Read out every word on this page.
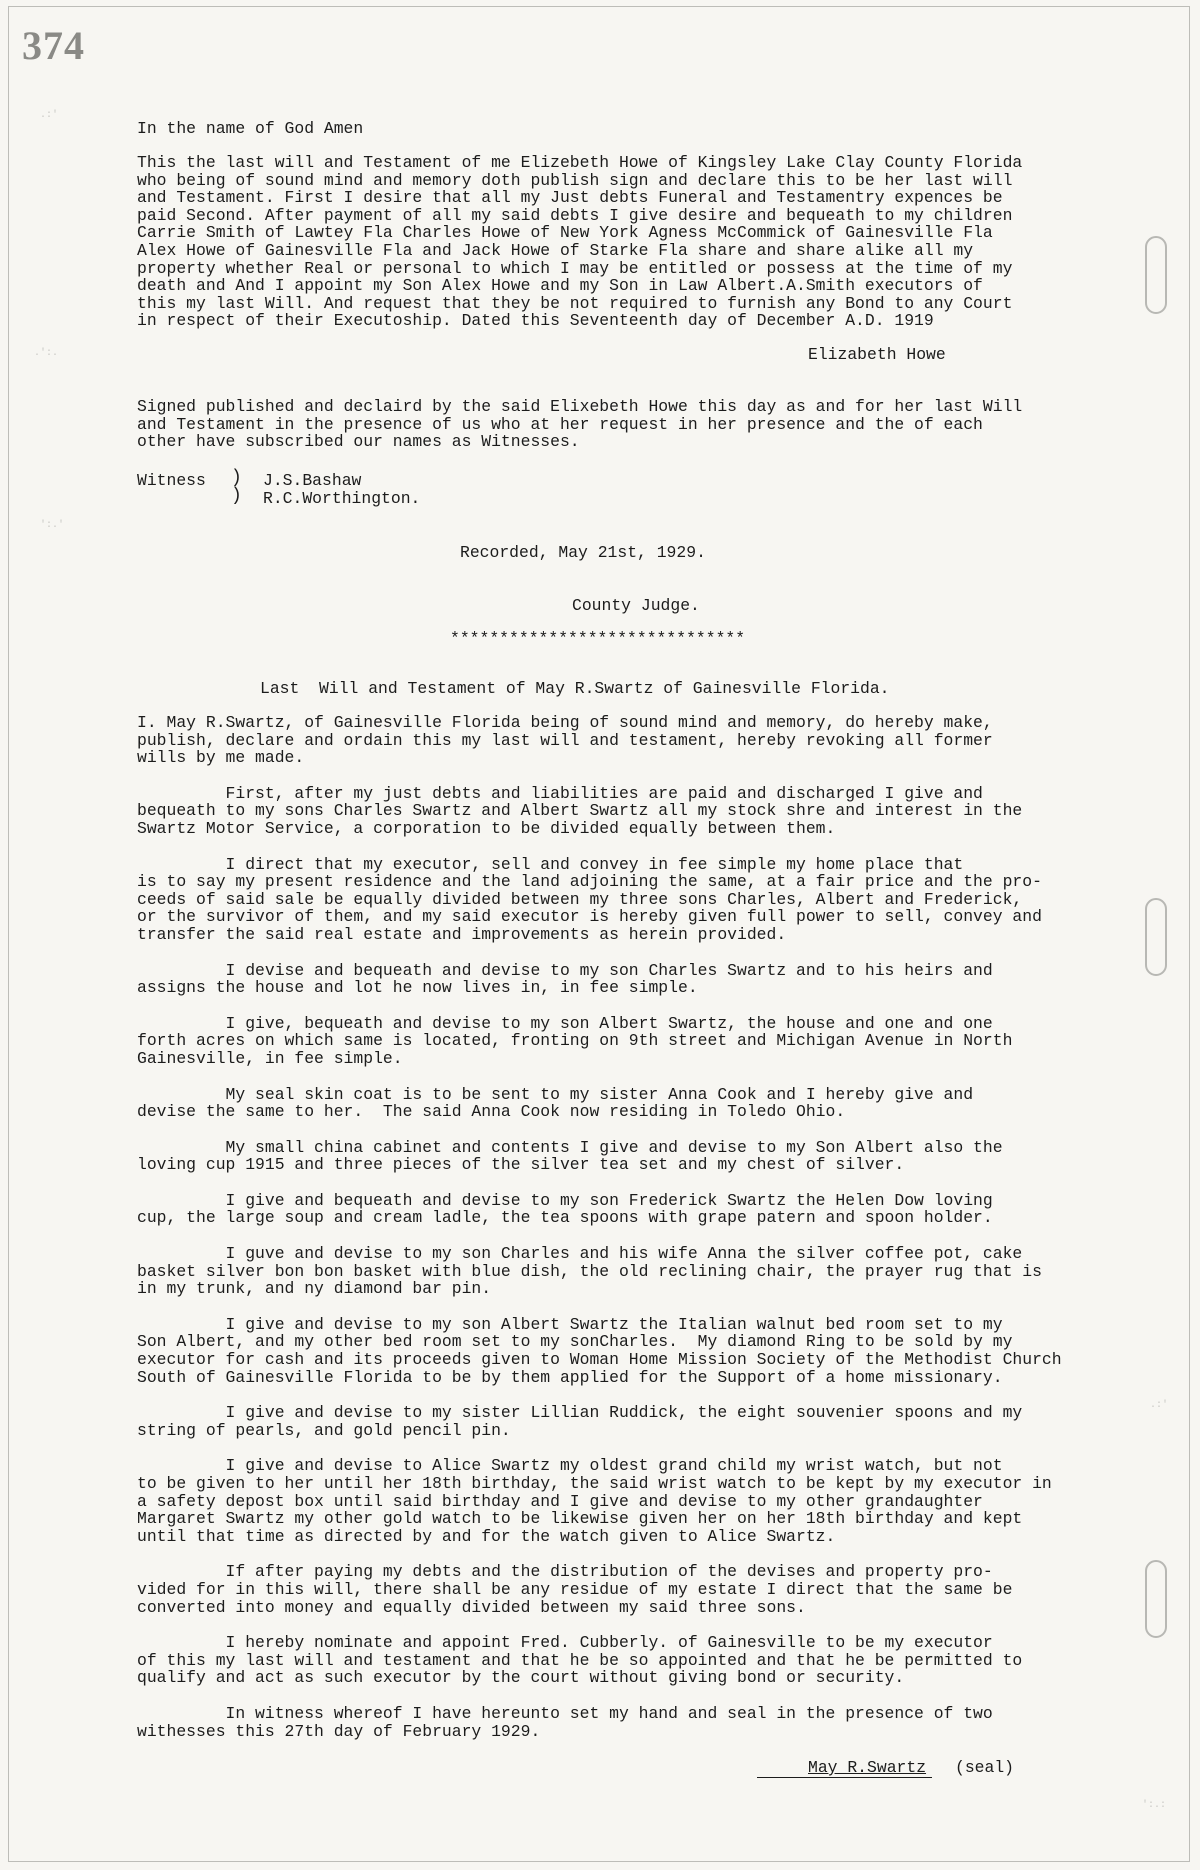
374
In the name of God Amen
This the last will and Testament of me Elizebeth Howe of Kingsley Lake Clay County Florida
who being of sound mind and memory doth publish sign and declare this to be her last will
and Testament. First I desire that all my Just debts Funeral and Testamentry expences be
paid Second. After payment of all my said debts I give desire and bequeath to my children
Carrie Smith of Lawtey Fla Charles Howe of New York Agness McCommick of Gainesville Fla
Alex Howe of Gainesville Fla and Jack Howe of Starke Fla share and share alike all my
property whether Real or personal to which I may be entitled or possess at the time of my
death and And I appoint my Son Alex Howe and my Son in Law Albert.A.Smith executors of
this my last Will. And request that they be not required to furnish any Bond to any Court
in respect of their Executoship. Dated this Seventeenth day of December A.D. 1919
Elizabeth Howe
Signed published and declaird by the said Elixebeth Howe this day as and for her last Will
and Testament in the presence of us who at her request in her presence and the of each
other have subscribed our names as Witnesses.
Witness )
)
J.S.Bashaw
R.C.Worthington.
Recorded, May 21st, 1929.
County Judge.
******************************
Last  Will and Testament of May R.Swartz of Gainesville Florida.
I. May R.Swartz, of Gainesville Florida being of sound mind and memory, do hereby make,
publish, declare and ordain this my last will and testament, hereby revoking all former
wills by me made.
First, after my just debts and liabilities are paid and discharged I give and
bequeath to my sons Charles Swartz and Albert Swartz all my stock shre and interest in the
Swartz Motor Service, a corporation to be divided equally between them.
I direct that my executor, sell and convey in fee simple my home place that
is to say my present residence and the land adjoining the same, at a fair price and the pro-
ceeds of said sale be equally divided between my three sons Charles, Albert and Frederick,
or the survivor of them, and my said executor is hereby given full power to sell, convey and
transfer the said real estate and improvements as herein provided.
I devise and bequeath and devise to my son Charles Swartz and to his heirs and
assigns the house and lot he now lives in, in fee simple.
I give, bequeath and devise to my son Albert Swartz, the house and one and one
forth acres on which same is located, fronting on 9th street and Michigan Avenue in North
Gainesville, in fee simple.
My seal skin coat is to be sent to my sister Anna Cook and I hereby give and
devise the same to her.  The said Anna Cook now residing in Toledo Ohio.
My small china cabinet and contents I give and devise to my Son Albert also the
loving cup 1915 and three pieces of the silver tea set and my chest of silver.
I give and bequeath and devise to my son Frederick Swartz the Helen Dow loving
cup, the large soup and cream ladle, the tea spoons with grape patern and spoon holder.
I guve and devise to my son Charles and his wife Anna the silver coffee pot, cake
basket silver bon bon basket with blue dish, the old reclining chair, the prayer rug that is
in my trunk, and ny diamond bar pin.
I give and devise to my son Albert Swartz the Italian walnut bed room set to my
Son Albert, and my other bed room set to my sonCharles.  My diamond Ring to be sold by my
executor for cash and its proceeds given to Woman Home Mission Society of the Methodist Church
South of Gainesville Florida to be by them applied for the Support of a home missionary.
I give and devise to my sister Lillian Ruddick, the eight souvenier spoons and my
string of pearls, and gold pencil pin.
I give and devise to Alice Swartz my oldest grand child my wrist watch, but not
to be given to her until her 18th birthday, the said wrist watch to be kept by my executor in
a safety depost box until said birthday and I give and devise to my other grandaughter
Margaret Swartz my other gold watch to be likewise given her on her 18th birthday and kept
until that time as directed by and for the watch given to Alice Swartz.
If after paying my debts and the distribution of the devises and property pro-
vided for in this will, there shall be any residue of my estate I direct that the same be
converted into money and equally divided between my said three sons.
I hereby nominate and appoint Fred. Cubberly. of Gainesville to be my executor
of this my last will and testament and that he be so appointed and that he be permitted to
qualify and act as such executor by the court without giving bond or security.
In witness whereof I have hereunto set my hand and seal in the presence of two
withesses this 27th day of February 1929.
May R.Swartz (seal)
.:'
.':.
':.'
.:'
':.:
